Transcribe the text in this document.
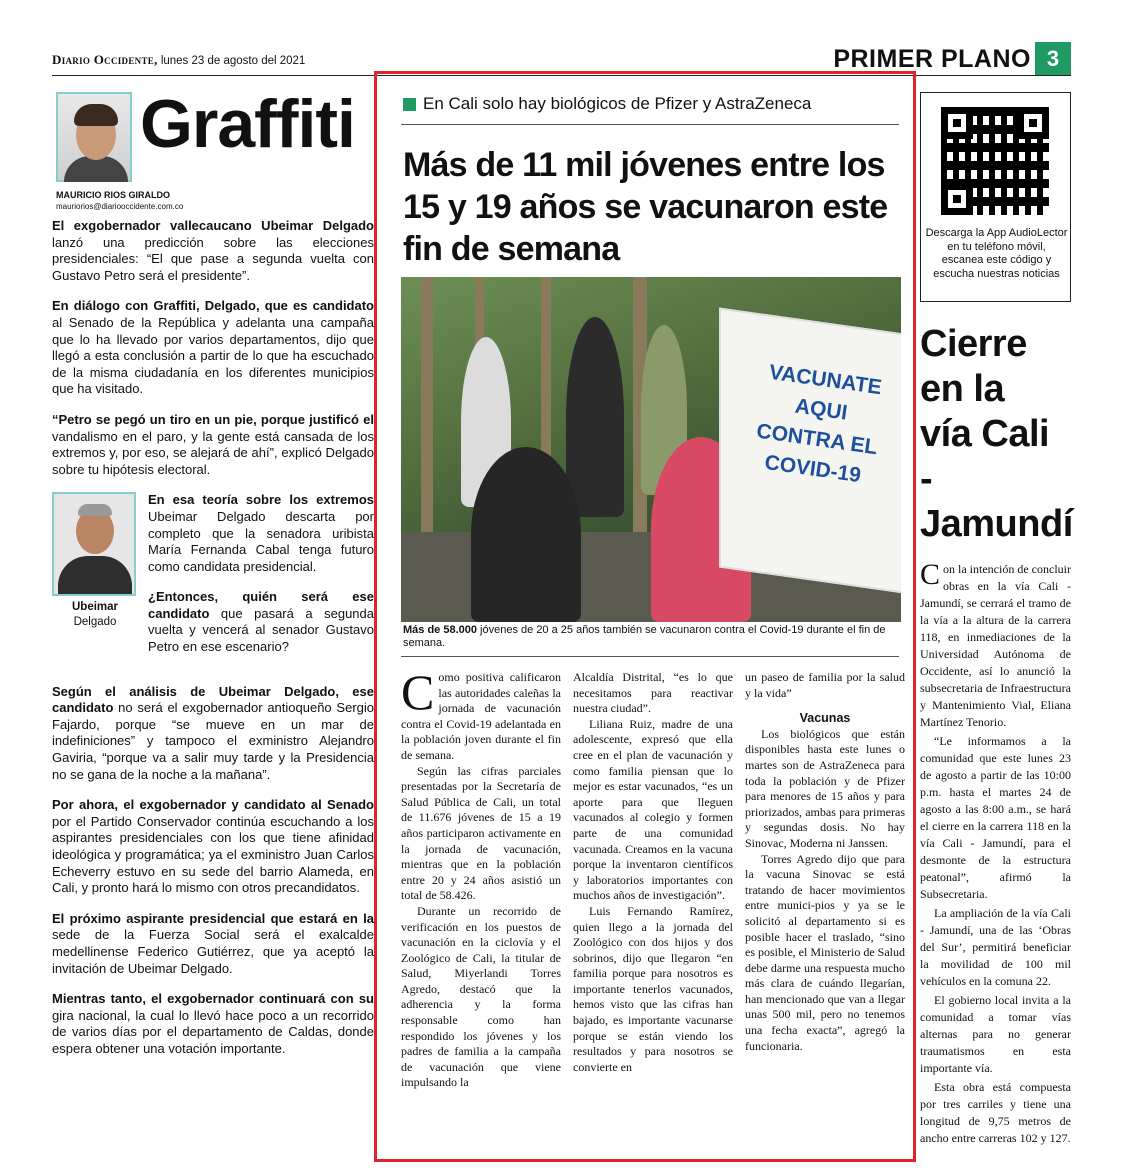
Diario Occidente, lunes 23 de agosto del 2021	PRIMER PLANO 3
Graffiti
MAURICIO RIOS GIRALDO
mauriorios@diariooccidente.com.co

El exgobernador vallecaucano Ubeimar Delgado lanzó una predicción sobre las elecciones presidenciales: “El que pase a segunda vuelta con Gustavo Petro será el presidente”.

En diálogo con Graffiti, Delgado, que es candidato al Senado de la República y adelanta una campaña que lo ha llevado por varios departamentos, dijo que llegó a esta conclusión a partir de lo que ha escuchado de la misma ciudadanía en los diferentes municipios que ha visitado.

“Petro se pegó un tiro en un pie, porque justificó el vandalismo en el paro, y la gente está cansada de los extremos y, por eso, se alejará de ahí”, explicó Delgado sobre tu hipótesis electoral.

Ubeimar
Delgado

En esa teoría sobre los extremos Ubeimar Delgado descarta por completo que la senadora uribista María Fernanda Cabal tenga futuro como candidata presidencial.

¿Entonces, quién será ese candidato que pasará a segunda vuelta y vencerá al senador Gustavo Petro en ese escenario?

Según el análisis de Ubeimar Delgado, ese candidato no será el exgobernador antioqueño Sergio Fajardo, porque “se mueve en un mar de indefiniciones” y tampoco el exministro Alejandro Gaviria, “porque va a salir muy tarde y la Presidencia no se gana de la noche a la mañana”.

Por ahora, el exgobernador y candidato al Senado por el Partido Conservador continúa escuchando a los aspirantes presidenciales con los que tiene afinidad ideológica y programática; ya el exministro Juan Carlos Echeverry estuvo en su sede del barrio Alameda, en Cali, y pronto hará lo mismo con otros precandidatos.

El próximo aspirante presidencial que estará en la sede de la Fuerza Social será el exalcalde medellinense Federico Gutiérrez, que ya aceptó la invitación de Ubeimar Delgado.

Mientras tanto, el exgobernador continuará con su gira nacional, la cual lo llevó hace poco a un recorrido de varios días por el departamento de Caldas, donde espera obtener una votación importante.

En Cali solo hay biológicos de Pfizer y AstraZeneca
Más de 11 mil jóvenes entre los 15 y 19 años se vacunaron este fin de semana
VACUNATE AQUI
CONTRA EL
COVID-19
Más de 58.000 jóvenes de 20 a 25 años también se vacunaron contra el Covid-19 durante el fin de semana.

Como positiva calificaron las autoridades caleñas la jornada de vacunación contra el Covid-19 adelantada en la población joven durante el fin de semana.

Según las cifras parciales presentadas por la Secretaría de Salud Pública de Cali, un total de 11.676 jóvenes de 15 a 19 años participaron activamente en la jornada de vacunación, mientras que en la población entre 20 y 24 años asistió un total de 58.426.

Durante un recorrido de verificación en los puestos de vacunación en la ciclovía y el Zoológico de Cali, la titular de Salud, Miyerlandi Torres Agredo, destacó que la adherencia y la forma responsable como han respondido los jóvenes y los padres de familia a la campaña de vacunación que viene impulsando la

Alcaldía Distrital, “es lo que necesitamos para reactivar nuestra ciudad”.

Liliana Ruiz, madre de una adolescente, expresó que ella cree en el plan de vacunación y como familia piensan que lo mejor es estar vacunados, “es un aporte para que lleguen vacunados al colegio y formen parte de una comunidad vacunada. Creamos en la vacuna porque la inventaron científicos y laboratorios importantes con muchos años de investigación”.

Luis Fernando Ramírez, quien llego a la jornada del Zoológico con dos hijos y dos sobrinos, dijo que llegaron “en familia porque para nosotros es importante tenerlos vacunados, hemos visto que las cifras han bajado, es importante vacunarse porque se están viendo los resultados y para nosotros se convierte en

un paseo de familia por la salud y la vida”

Vacunas

Los biológicos que están disponibles hasta este lunes o martes son de AstraZeneca para toda la población y de Pfizer para menores de 15 años y para priorizados, ambas para primeras y segundas dosis. No hay Sinovac, Moderna ni Janssen.

Torres Agredo dijo que para la vacuna Sinovac se está tratando de hacer movimientos entre munici-pios y ya se le solicitó al departamento si es posible hacer el traslado, “sino es posible, el Ministerio de Salud debe darme una respuesta mucho más clara de cuándo llegarían, han mencionado que van a llegar unas 500 mil, pero no tenemos una fecha exacta”, agregó la funcionaria.

Descarga la App AudioLector en tu teléfono móvil, escanea este código y escucha nuestras noticias
Cierre
en la
vía Cali -
Jamundí

Con la intención de concluir obras en la vía Cali - Jamundí, se cerrará el tramo de la vía a la altura de la carrera 118, en inmediaciones de la Universidad Autónoma de Occidente, así lo anunció la subsecretaria de Infraestructura y Mantenimiento Vial, Eliana Martínez Tenorio.

“Le informamos a la comunidad que este lunes 23 de agosto a partir de las 10:00 p.m. hasta el martes 24 de agosto a las 8:00 a.m., se hará el cierre en la carrera 118 en la vía Cali - Jamundí, para el desmonte de la estructura peatonal”, afirmó la Subsecretaria.

La ampliación de la vía Cali - Jamundí, una de las ‘Obras del Sur’, permitirá beneficiar la movilidad de 100 mil vehículos en la comuna 22.

El gobierno local invita a la comunidad a tomar vías alternas para no generar traumatismos en esta importante vía.

Esta obra está compuesta por tres carriles y tiene una longitud de 9,75 metros de ancho entre carreras 102 y 127.
